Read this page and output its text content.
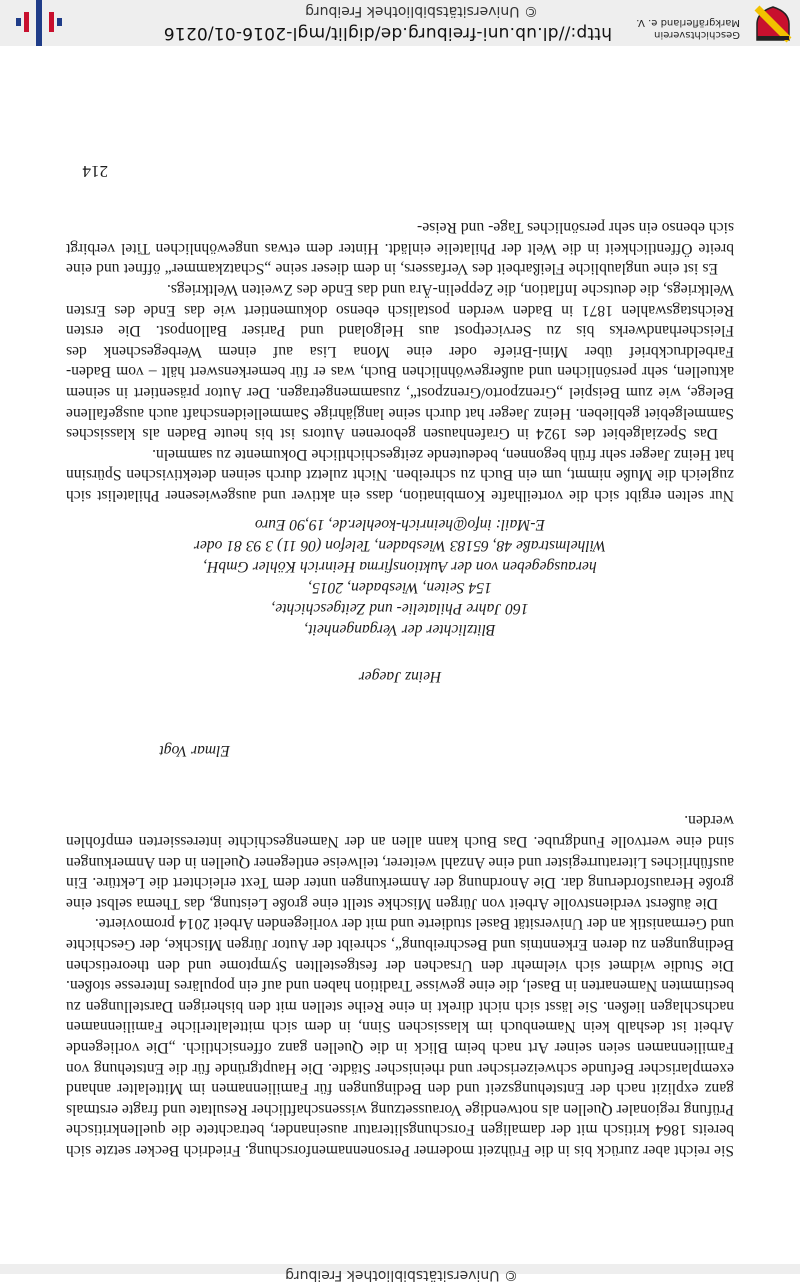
© Universitätsbibliothek Freiburg

Sie reicht aber zurück bis in die Frühzeit moderner Personennamenforschung. Friedrich Becker setzte sich bereits 1864 kritisch mit der damaligen Forschungsliteratur auseinander, betrachtete die quellenkritische Prüfung regionaler Quellen als notwendige Voraussetzung wissenschaftlicher Resultate und fragte erstmals ganz explizit nach der Entstehungszeit und den Bedingungen für Familiennamen im Mittelalter anhand exemplarischer Befunde schweizerischer und rheinischer Städte. Die Hauptgründe für die Entstehung von Familiennamen seien seiner Art nach beim Blick in die Quellen ganz offensichtlich. „Die vorliegende Arbeit ist deshalb kein Namenbuch im klassischen Sinn, in dem sich mittelalterliche Familiennamen nachschlagen ließen. Sie lässt sich nicht direkt in eine Reihe stellen mit den bisherigen Darstellungen zu bestimmten Namenarten in Basel, die eine gewisse Tradition haben und auf ein populäres Interesse stoßen. Die Studie widmet sich vielmehr den Ursachen der festgestellten Symptome und den theoretischen Bedingungen zu deren Erkenntnis und Beschreibung“, schreibt der Autor Jürgen Mischke, der Geschichte und Germanistik an der Universität Basel studierte und mit der vorliegenden Arbeit 2014 promovierte.

Die äußerst verdienstvolle Arbeit von Jürgen Mischke stellt eine große Leistung, das Thema selbst eine große Herausforderung dar. Die Anordnung der Anmerkungen unter dem Text erleichtert die Lektüre. Ein ausführliches Literaturregister und eine Anzahl weiterer, teilweise entlegener Quellen in den Anmerkungen sind eine wertvolle Fundgrube. Das Buch kann allen an der Namengeschichte interessierten empfohlen werden.

Elmar Vogt
Heinz Jaeger
Blitzlichter der Vergangenheit,
160 Jahre Philatelie- und Zeitgeschichte,
154 Seiten, Wiesbaden, 2015,
herausgegeben von der Auktionsfirma Heinrich Köhler GmbH,
Wilhelmstraße 48, 65183 Wiesbaden, Telefon (06 11) 3 93 81 oder
E-Mail: info@heinrich-koehler.de, 19,90 Euro

Nur selten ergibt sich die vorteilhafte Kombination, dass ein aktiver und ausgewiesener Philatelist sich zugleich die Muße nimmt, um ein Buch zu schreiben. Nicht zuletzt durch seinen detektivischen Spürsinn hat Heinz Jaeger sehr früh begonnen, bedeutende zeitgeschichtliche Dokumente zu sammeln.

Das Spezialgebiet des 1924 in Grafenhausen geborenen Autors ist bis heute Baden als klassisches Sammelgebiet geblieben. Heinz Jaeger hat durch seine langjährige Sammelleidenschaft auch ausgefallene Belege, wie zum Beispiel „Grenzporto/Grenzpost“, zusammengetragen. Der Autor präsentiert in seinem aktuellen, sehr persönlichen und außergewöhnlichen Buch, was er für bemerkenswert hält – vom Baden-Farbeldruckbrief über Mini-Briefe oder eine Mona Lisa auf einem Werbegeschenk des Fleischerhandwerks bis zu Servicetpost aus Helgoland und Pariser Ballonpost. Die ersten Reichstagswahlen 1871 in Baden werden postalisch ebenso dokumentiert wie das Ende des Ersten Weltkriegs, die deutsche Inflation, die Zeppelin-Ära und das Ende des Zweiten Weltkriegs.

Es ist eine unglaubliche Fleißarbeit des Verfassers, in dem dieser seine „Schatzkammer“ öffnet und eine breite Öffentlichkeit in die Welt der Philatelie einlädt. Hinter dem etwas ungewöhnlichen Titel verbirgt sich ebenso ein sehr persönliches Tage- und Reise-

214
Geschichtsverein
Markgräflerland e. V.
http://dl.ub.uni-freiburg.de/diglit/mgl-2016-01/0216
© Universitätsbibliothek Freiburg
